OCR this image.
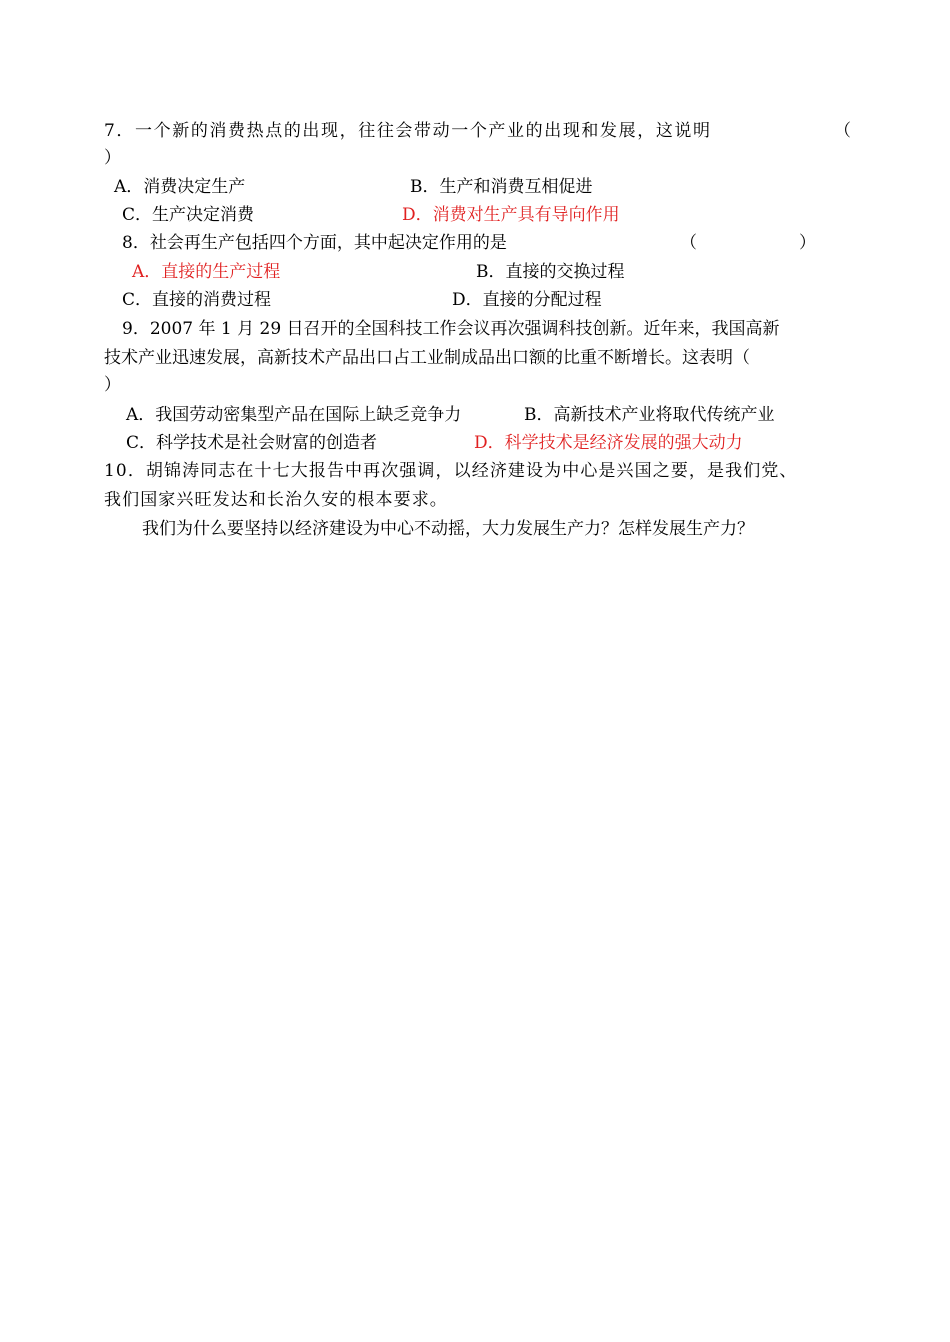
7．一个新的消费热点的出现，往往会带动一个产业的出现和发展，这说明	（
）
A．消费决定生产	B．生产和消费互相促进
C．生产决定消费	D．消费对生产具有导向作用
8．社会再生产包括四个方面，其中起决定作用的是	（　　　　　　）
A．直接的生产过程	B．直接的交换过程
C．直接的消费过程	D．直接的分配过程
9．2007 年 1 月 29 日召开的全国科技工作会议再次强调科技创新。近年来，我国高新
技术产业迅速发展，高新技术产品出口占工业制成品出口额的比重不断增长。这表明（
）
A．我国劳动密集型产品在国际上缺乏竞争力	B．高新技术产业将取代传统产业
C．科学技术是社会财富的创造者	D．科学技术是经济发展的强大动力
10．胡锦涛同志在十七大报告中再次强调，以经济建设为中心是兴国之要，是我们党、
我们国家兴旺发达和长治久安的根本要求。
我们为什么要坚持以经济建设为中心不动摇，大力发展生产力？怎样发展生产力？
